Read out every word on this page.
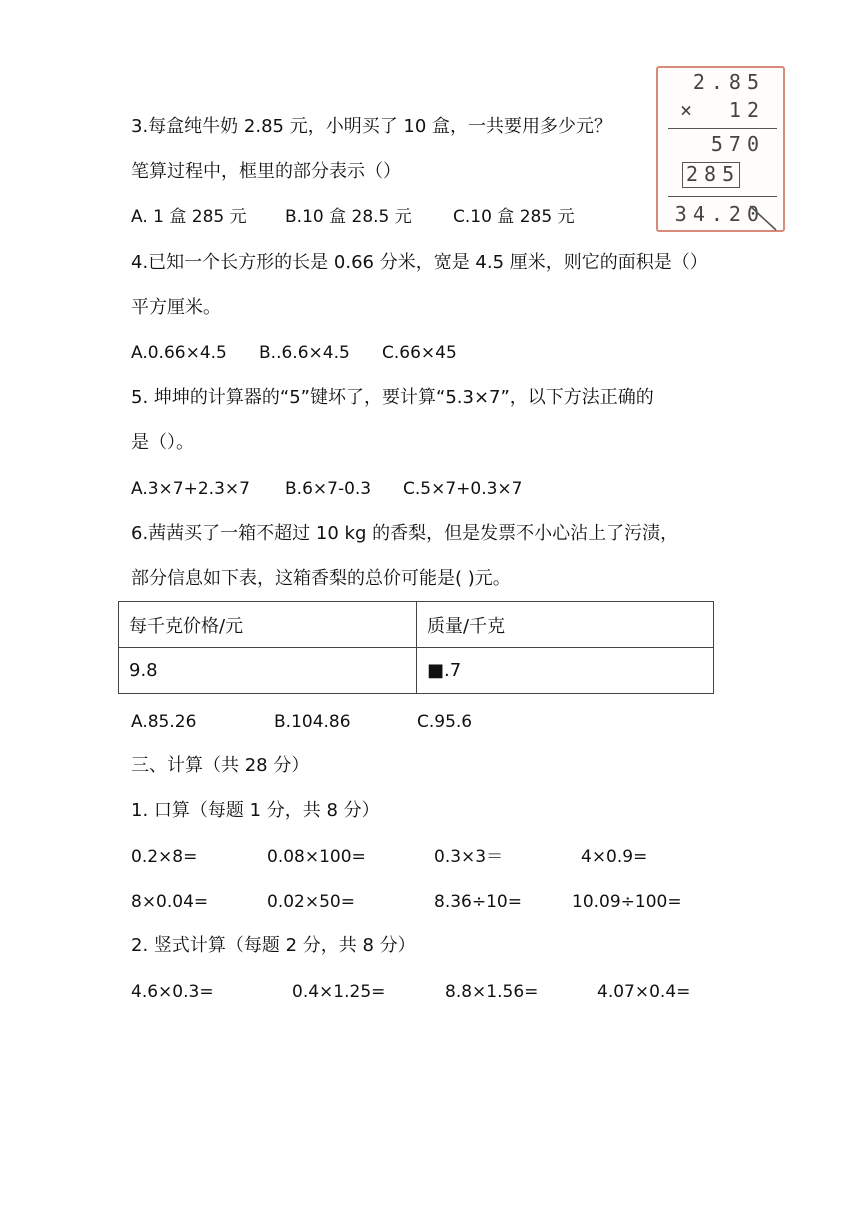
3.每盒纯牛奶 2.85 元，小明买了 10 盒，一共要用多少元？
笔算过程中，框里的部分表示（）
A. 1 盒 285 元 B.10 盒 28.5 元 C.10 盒 285 元
2.85
× 12
570
285
34.20
4.已知一个长方形的长是 0.66 分米，宽是 4.5 厘米，则它的面积是（）
平方厘米。
A.0.66×4.5 B..6.6×4.5 C.66×45
5. 坤坤的计算器的“5”键坏了，要计算“5.3×7”，以下方法正确的
是（）。
A.3×7+2.3×7 B.6×7-0.3 C.5×7+0.3×7
6.茜茜买了一箱不超过 10 kg 的香梨，但是发票不小心沾上了污渍，
部分信息如下表，这箱香梨的总价可能是( )元。
每千克价格/元	质量/千克
9.8	■.7
A.85.26	B.104.86	C.95.6
三、计算（共 28 分）
1. 口算（每题 1 分，共 8 分）
0.2×8=	0.08×100=	0.3×3＝	4×0.9=
8×0.04=	0.02×50=	8.36÷10=	10.09÷100=
2. 竖式计算（每题 2 分，共 8 分）
4.6×0.3=	0.4×1.25=	8.8×1.56=	4.07×0.4=
